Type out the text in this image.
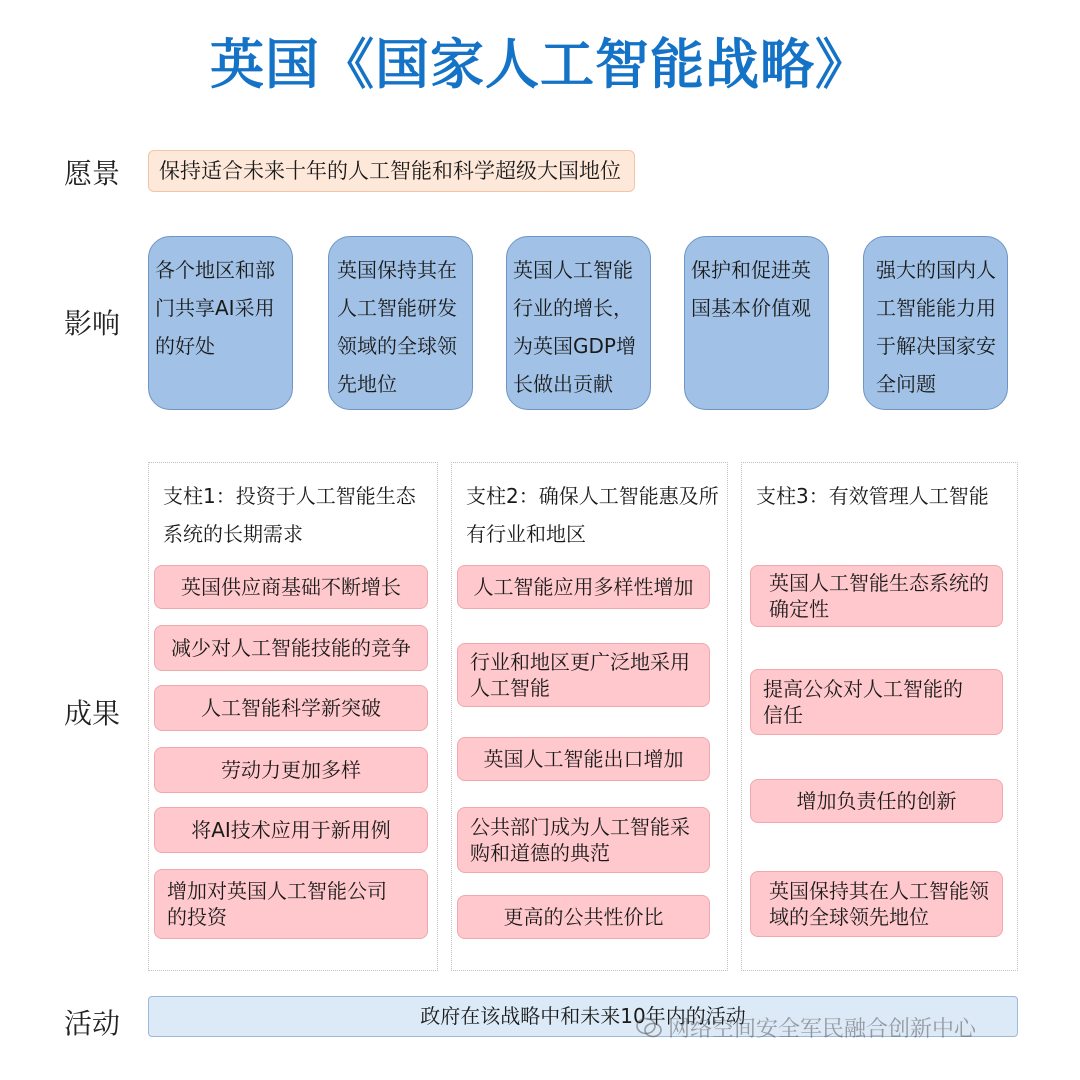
英国《国家人工智能战略》
愿景
影响
成果
活动
保持适合未来十年的人工智能和科学超级大国地位
各个地区和部门共享AI采用的好处
英国保持其在人工智能研发领域的全球领先地位
英国人工智能行业的增长，为英国GDP增长做出贡献
保护和促进英国基本价值观
强大的国内人工智能能力用于解决国家安全问题
支柱1：投资于人工智能生态系统的长期需求
英国供应商基础不断增长
减少对人工智能技能的竞争
人工智能科学新突破
劳动力更加多样
将AI技术应用于新用例
增加对英国人工智能公司的投资
支柱2：确保人工智能惠及所有行业和地区
人工智能应用多样性增加
行业和地区更广泛地采用人工智能
英国人工智能出口增加
公共部门成为人工智能采购和道德的典范
更高的公共性价比
支柱3：有效管理人工智能
英国人工智能生态系统的确定性
提高公众对人工智能的信任
增加负责任的创新
英国保持其在人工智能领域的全球领先地位
政府在该战略中和未来10年内的活动
网络空间安全军民融合创新中心
